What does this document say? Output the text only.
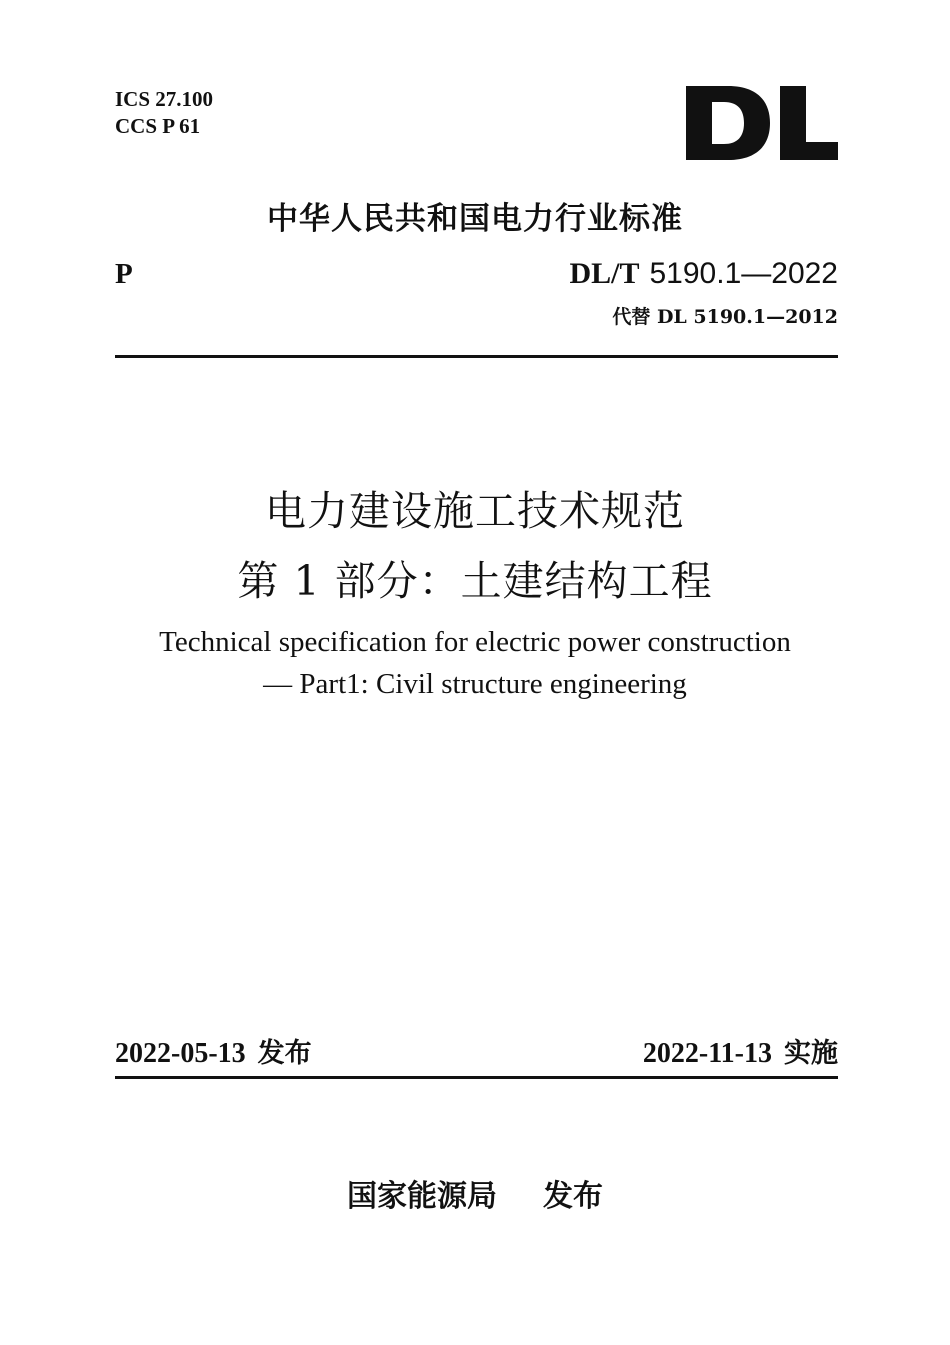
ICS 27.100
CCS P 61
中华人民共和国电力行业标准
P	DL/T 5190.1—2022
代替 DL 5190.1—2012
电力建设施工技术规范
第 1 部分：土建结构工程
Technical specification for electric power construction
— Part1: Civil structure engineering
2022-05-13 发布	2022-11-13 实施
国家能源局 发布
